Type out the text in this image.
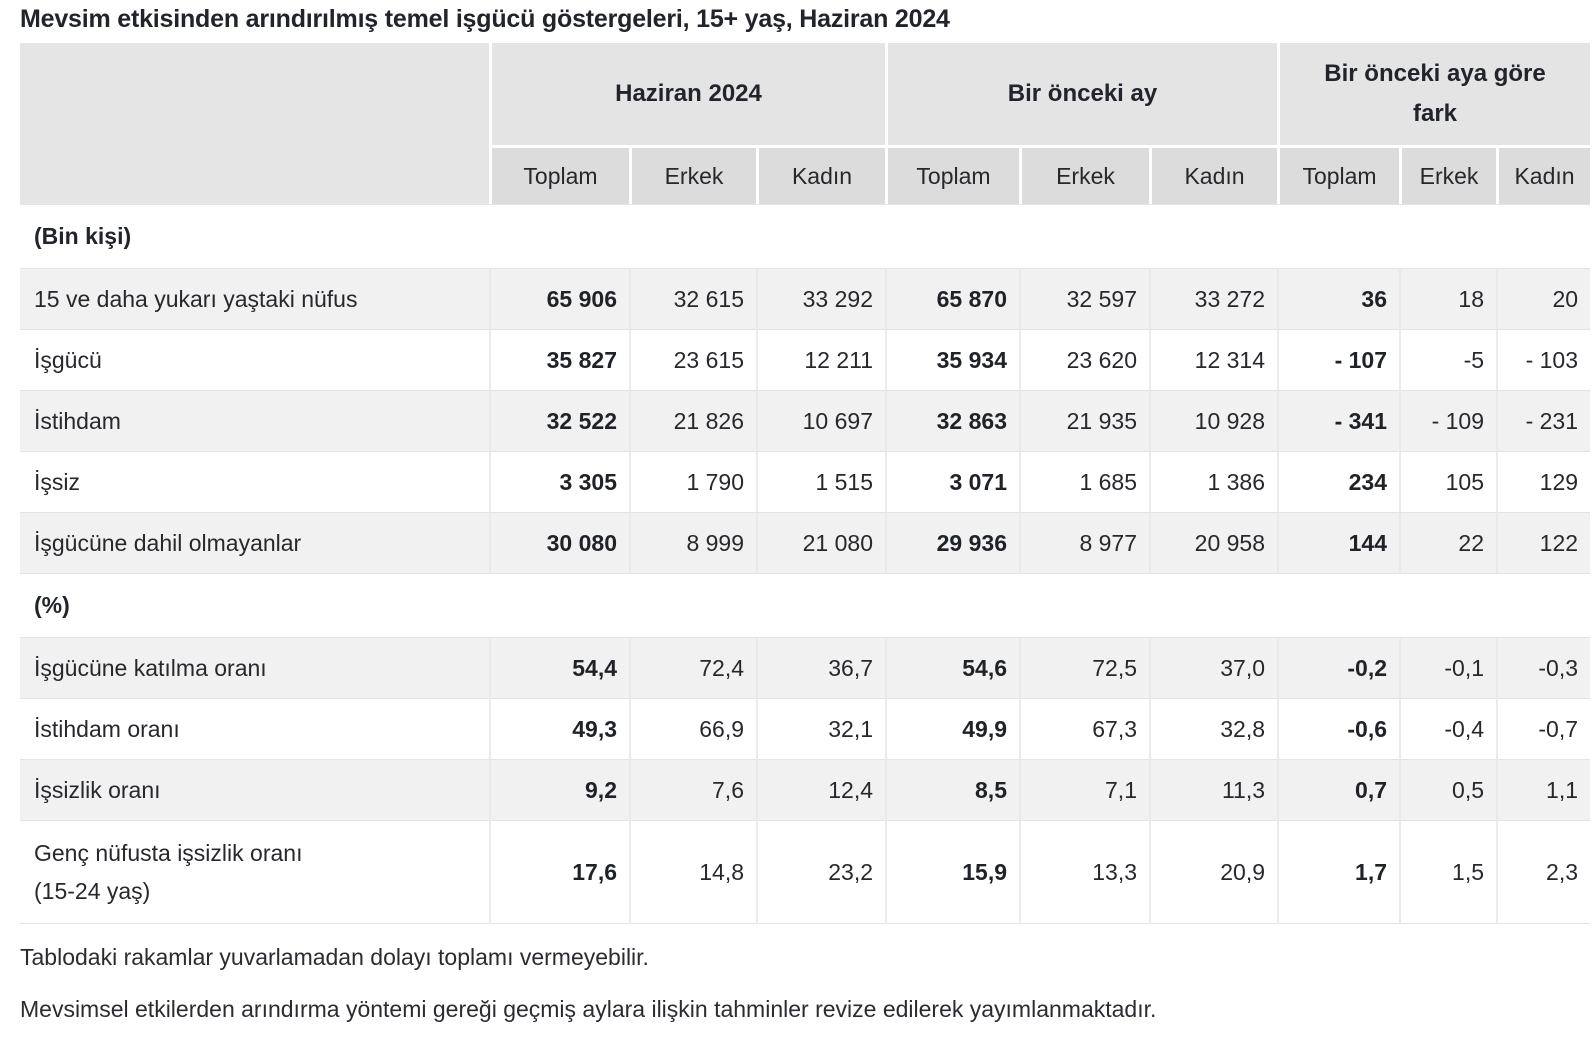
Mevsim etkisinden arındırılmış temel işgücü göstergeleri, 15+ yaş, Haziran 2024
	Haziran 2024			Bir önceki ay			Bir önceki aya göre fark		
	Toplam	Erkek	Kadın	Toplam	Erkek	Kadın	Toplam	Erkek	Kadın
(Bin kişi)									
15 ve daha yukarı yaştaki nüfus	65 906	32 615	33 292	65 870	32 597	33 272	36	18	20
İşgücü	35 827	23 615	12 211	35 934	23 620	12 314	- 107	-5	- 103
İstihdam	32 522	21 826	10 697	32 863	21 935	10 928	- 341	- 109	- 231
İşsiz	3 305	1 790	1 515	3 071	1 685	1 386	234	105	129
İşgücüne dahil olmayanlar	30 080	8 999	21 080	29 936	8 977	20 958	144	22	122
(%)									
İşgücüne katılma oranı	54,4	72,4	36,7	54,6	72,5	37,0	-0,2	-0,1	-0,3
İstihdam oranı	49,3	66,9	32,1	49,9	67,3	32,8	-0,6	-0,4	-0,7
İşsizlik oranı	9,2	7,6	12,4	8,5	7,1	11,3	0,7	0,5	1,1
Genç nüfusta işsizlik oranı
(15-24 yaş)	17,6	14,8	23,2	15,9	13,3	20,9	1,7	1,5	2,3

Tablodaki rakamlar yuvarlamadan dolayı toplamı vermeyebilir.

Mevsimsel etkilerden arındırma yöntemi gereği geçmiş aylara ilişkin tahminler revize edilerek yayımlanmaktadır.
